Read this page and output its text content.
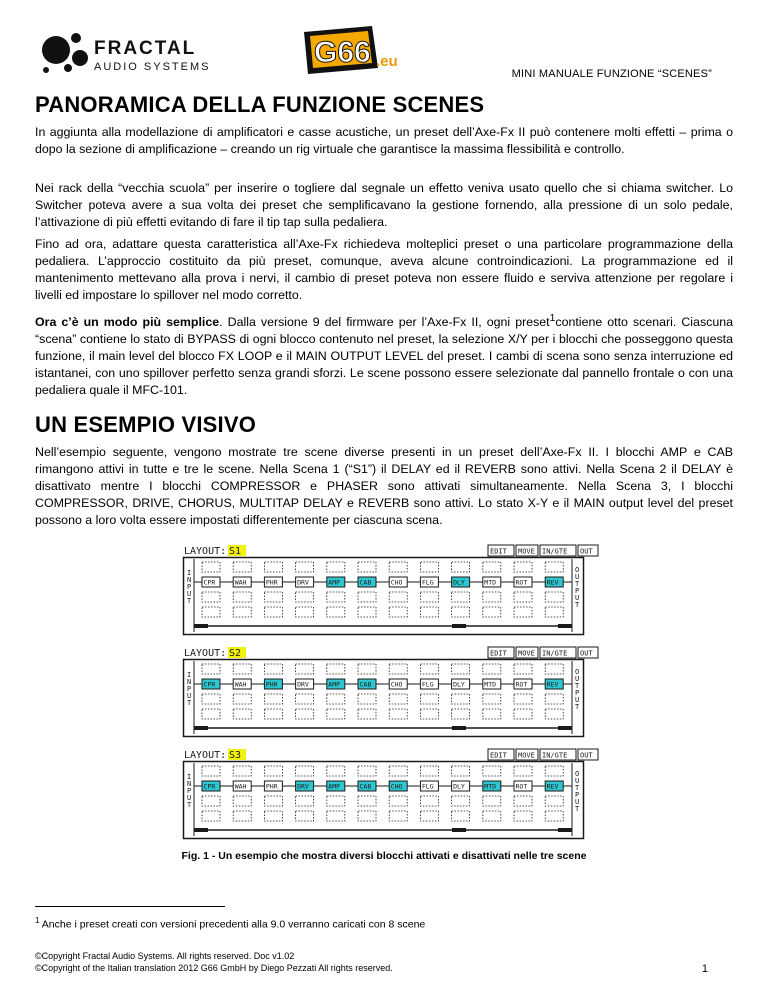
FRACTAL
AUDIO SYSTEMS	G66 .eu
MINI MANUALE FUNZIONE “SCENES”
PANORAMICA DELLA FUNZIONE SCENES

In aggiunta alla modellazione di amplificatori e casse acustiche, un preset dell’Axe-Fx II può contenere molti effetti – prima o dopo la sezione di amplificazione – creando un rig virtuale che garantisce la massima flessibilità e controllo.

Nei rack della “vecchia scuola” per inserire o togliere dal segnale un effetto veniva usato quello che si chiama switcher. Lo Switcher poteva avere a sua volta dei preset che semplificavano la gestione fornendo, alla pressione di un solo pedale, l’attivazione di più effetti evitando di fare il tip tap sulla pedaliera.

Fino ad ora, adattare questa caratteristica all’Axe-Fx richiedeva molteplici preset o una particolare programmazione della pedaliera. L’approccio costituito da più preset, comunque, aveva alcune controindicazioni. La programmazione ed il mantenimento mettevano alla prova i nervi, il cambio di preset poteva non essere fluido e serviva attenzione per regolare i livelli ed impostare lo spillover nel modo corretto.

Ora c’è un modo più semplice. Dalla versione 9 del firmware per l’Axe-Fx II, ogni preset$^1$contiene otto scenari. Ciascuna “scena” contiene lo stato di BYPASS di ogni blocco contenuto nel preset, la selezione X/Y per i blocchi che posseggono questa funzione, il main level del blocco FX LOOP e il MAIN OUTPUT LEVEL del preset. I cambi di scena sono senza interruzione ed istantanei, con uno spillover perfetto senza grandi sforzi. Le scene possono essere selezionate dal pannello frontale o con una pedaliera quale il MFC-101.

UN ESEMPIO VISIVO

Nell’esempio seguente, vengono mostrate tre scene diverse presenti in un preset dell’Axe-Fx II. I blocchi AMP e CAB rimangono attivi in tutte e tre le scene. Nella Scena 1 (“S1”) il DELAY ed il REVERB sono attivi. Nella Scena 2 il DELAY è disattivato mentre I blocchi COMPRESSOR e PHASER sono attivati simultaneamente. Nella Scena 3, I blocchi COMPRESSOR, DRIVE, CHORUS, MULTITAP DELAY e REVERB sono attivi. Lo stato X-Y e il MAIN output level del preset possono a loro volta essere impostati differentemente per ciascuna scena.

LAYOUT: S1	EDIT MOVE IN/GTE OUT
I
N
P
U
T
O
U
T
P
U
T
CPR	WAH	PHR	DRV	AMP	CAB	CHO	FLG	DLY	MTD	ROT	REV
LAYOUT: S2	EDIT MOVE IN/GTE OUT
I
N
P
U
T
O
U
T
P
U
T
CPR	WAH	PHR	DRV	AMP	CAB	CHO	FLG	DLY	MTD	ROT	REV
LAYOUT: S3	EDIT MOVE IN/GTE OUT
I
N
P
U
T
O
U
T
P
U
T
CPR	WAH	PHR	DRV	AMP	CAB	CHO	FLG	DLY	MTD	ROT	REV
Fig. 1 - Un esempio che mostra diversi blocchi attivati e disattivati nelle tre scene
$^1$ Anche i preset creati con versioni precedenti alla 9.0 verranno caricati con 8 scene
©Copyright Fractal Audio Systems. All rights reserved. Doc v1.02
©Copyright of the Italian translation 2012 G66 GmbH by Diego Pezzati All rights reserved.	1
